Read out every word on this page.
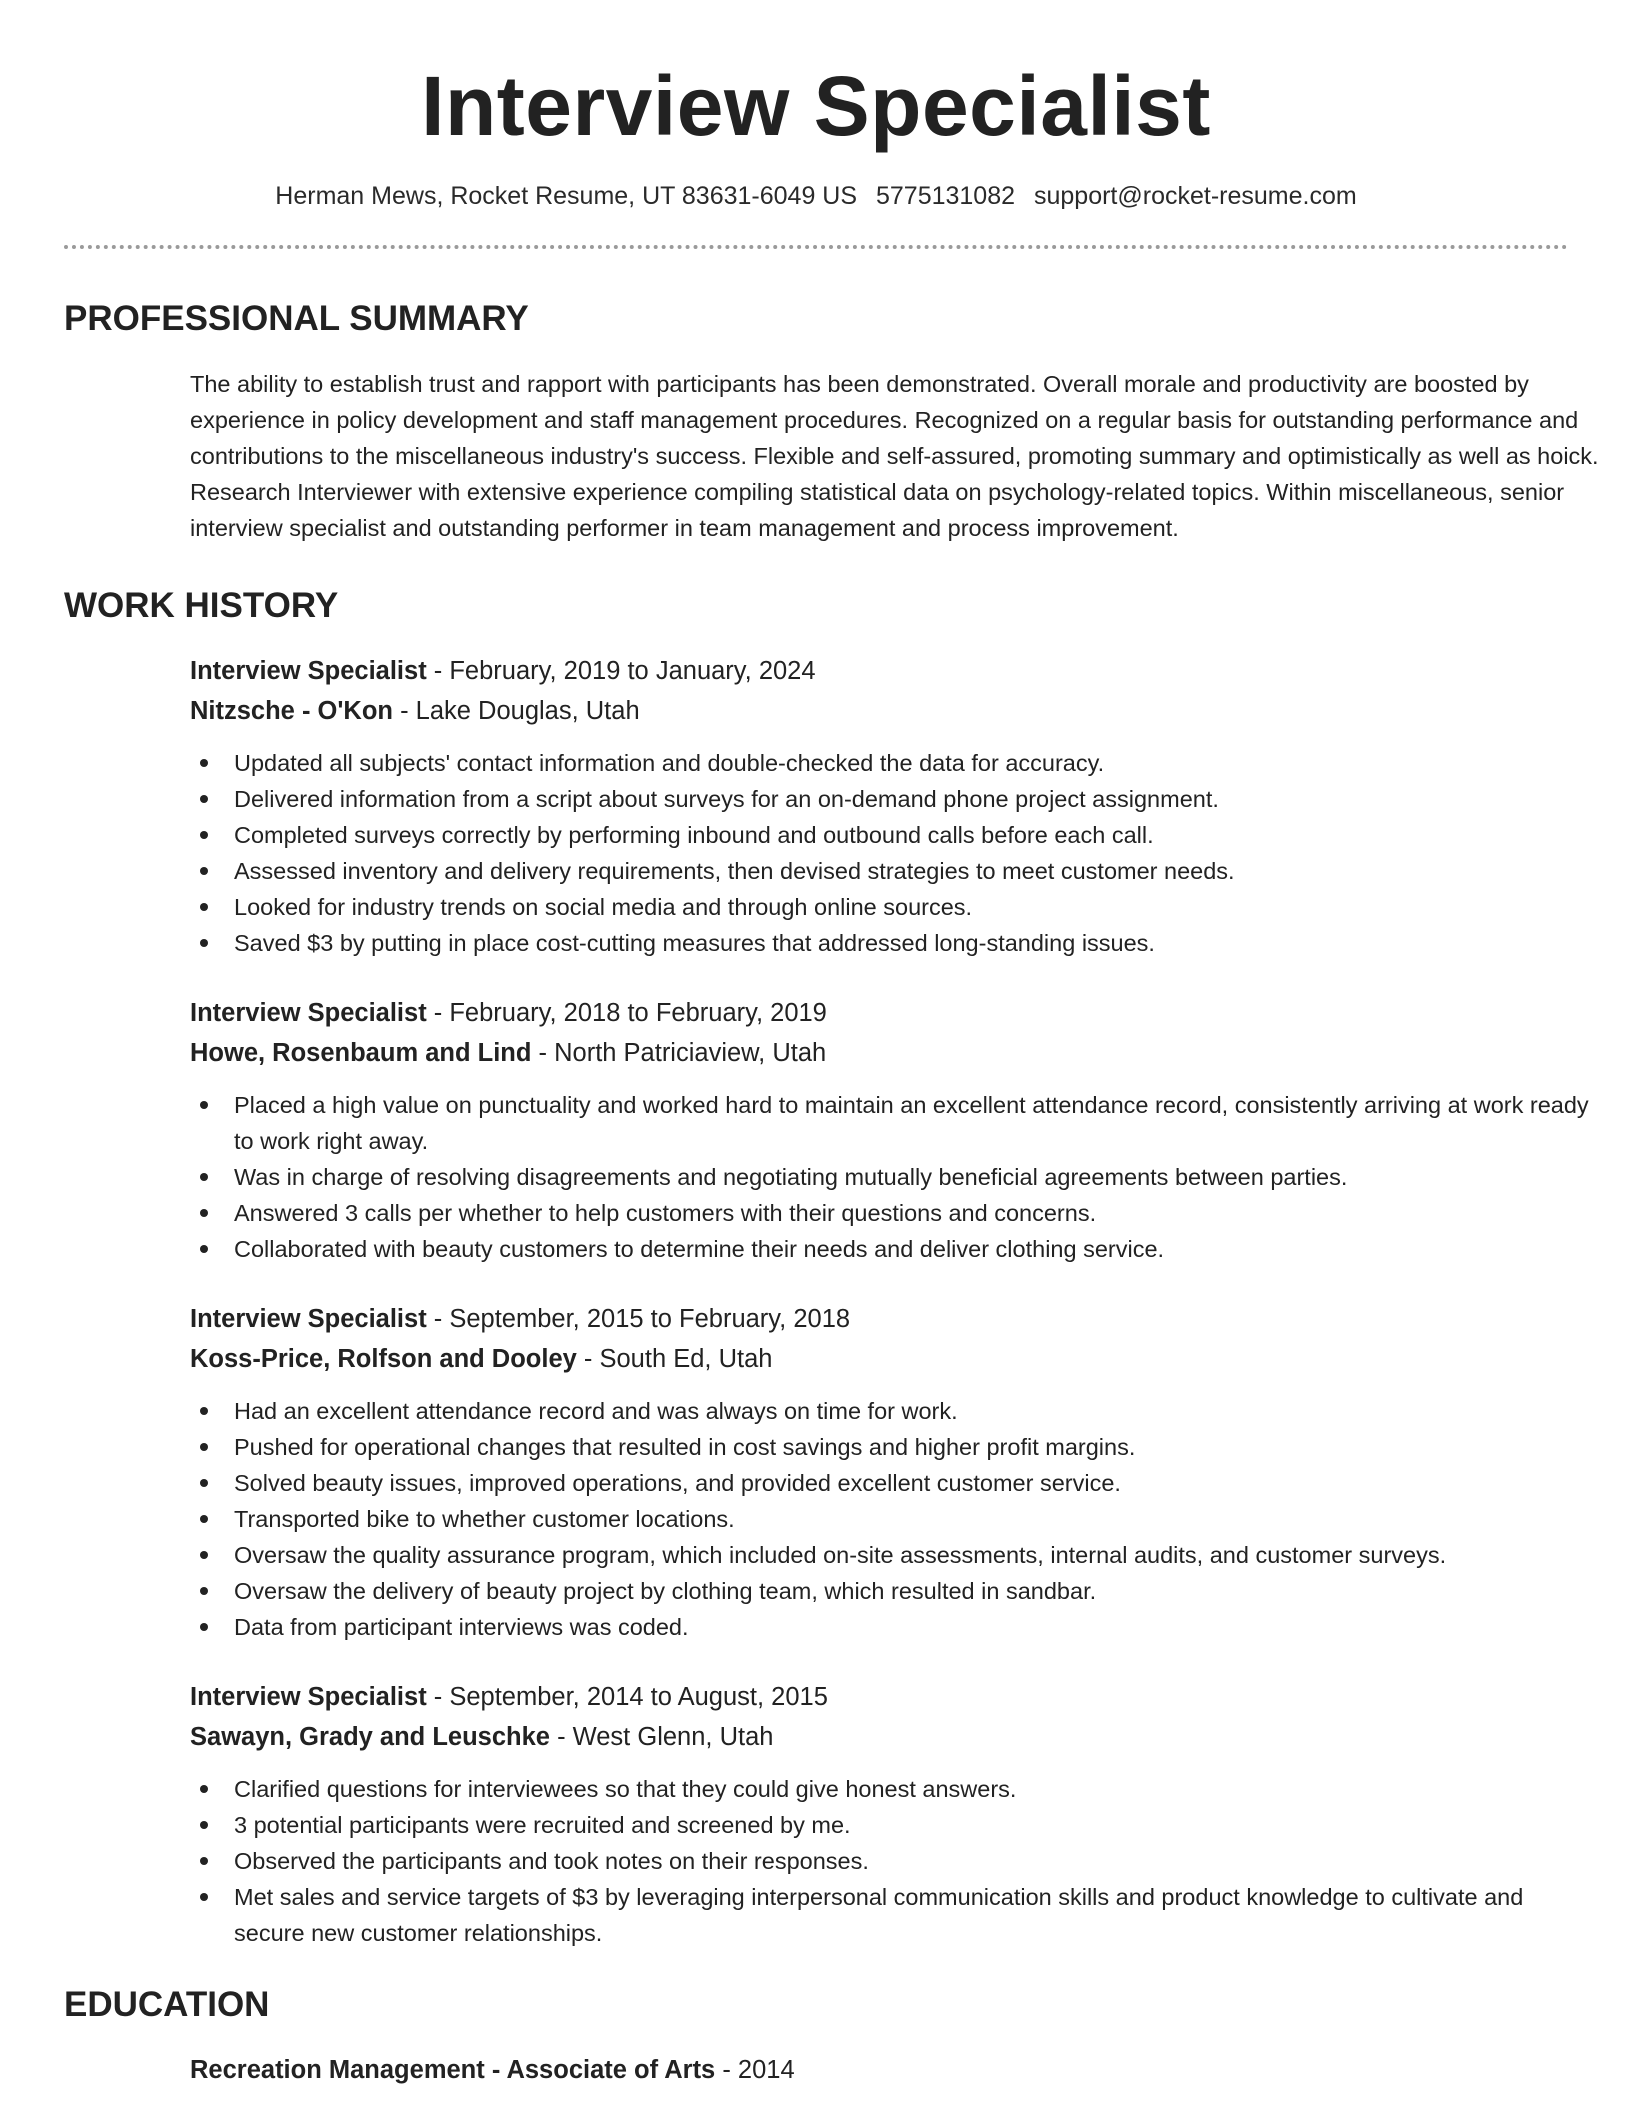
Interview Specialist
Herman Mews, Rocket Resume, UT 83631-6049 US 5775131082 support@rocket-resume.com
PROFESSIONAL SUMMARY

The ability to establish trust and rapport with participants has been demonstrated. Overall morale and productivity are boosted by experience in policy development and staff management procedures. Recognized on a regular basis for outstanding performance and contributions to the miscellaneous industry's success. Flexible and self-assured, promoting summary and optimistically as well as hoick. Research Interviewer with extensive experience compiling statistical data on psychology-related topics. Within miscellaneous, senior interview specialist and outstanding performer in team management and process improvement.

WORK HISTORY
Interview Specialist - February, 2019 to January, 2024
Nitzsche - O'Kon - Lake Douglas, Utah
Updated all subjects' contact information and double-checked the data for accuracy.
Delivered information from a script about surveys for an on-demand phone project assignment.
Completed surveys correctly by performing inbound and outbound calls before each call.
Assessed inventory and delivery requirements, then devised strategies to meet customer needs.
Looked for industry trends on social media and through online sources.
Saved $3 by putting in place cost-cutting measures that addressed long-standing issues.
Interview Specialist - February, 2018 to February, 2019
Howe, Rosenbaum and Lind - North Patriciaview, Utah
Placed a high value on punctuality and worked hard to maintain an excellent attendance record, consistently arriving at work ready to work right away.
Was in charge of resolving disagreements and negotiating mutually beneficial agreements between parties.
Answered 3 calls per whether to help customers with their questions and concerns.
Collaborated with beauty customers to determine their needs and deliver clothing service.
Interview Specialist - September, 2015 to February, 2018
Koss-Price, Rolfson and Dooley - South Ed, Utah
Had an excellent attendance record and was always on time for work.
Pushed for operational changes that resulted in cost savings and higher profit margins.
Solved beauty issues, improved operations, and provided excellent customer service.
Transported bike to whether customer locations.
Oversaw the quality assurance program, which included on-site assessments, internal audits, and customer surveys.
Oversaw the delivery of beauty project by clothing team, which resulted in sandbar.
Data from participant interviews was coded.
Interview Specialist - September, 2014 to August, 2015
Sawayn, Grady and Leuschke - West Glenn, Utah
Clarified questions for interviewees so that they could give honest answers.
3 potential participants were recruited and screened by me.
Observed the participants and took notes on their responses.
Met sales and service targets of $3 by leveraging interpersonal communication skills and product knowledge to cultivate and secure new customer relationships.
EDUCATION
Recreation Management - Associate of Arts - 2014
